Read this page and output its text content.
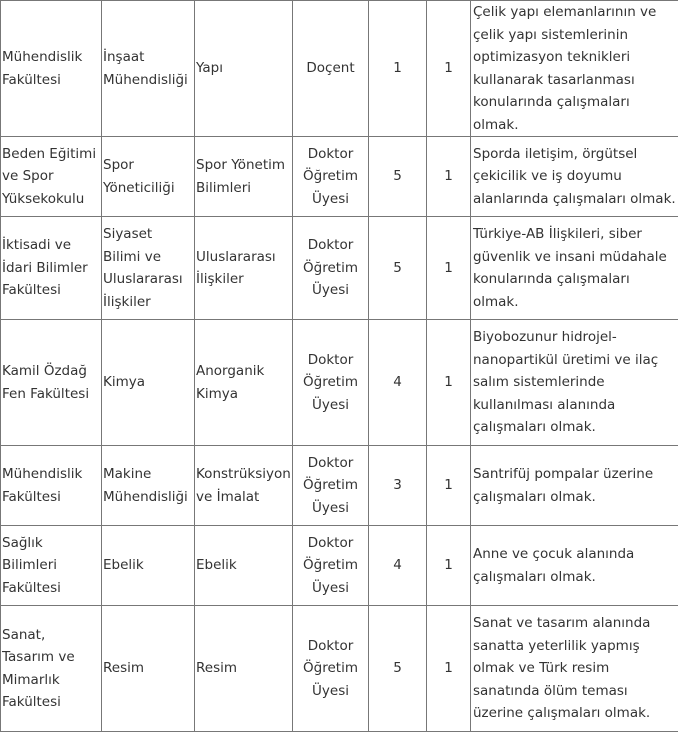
Mühendislik Fakültesi	İnşaat Mühendisliği	Yapı	Doçent	1	1	Çelik yapı elemanlarının ve çelik yapı sistemlerinin optimizasyon teknikleri kullanarak tasarlanması konularında çalışmaları olmak.
Beden Eğitimi ve Spor Yüksekokulu	Spor Yöneticiliği	Spor Yönetim Bilimleri	Doktor Öğretim Üyesi	5	1	Sporda iletişim, örgütsel çekicilik ve iş doyumu alanlarında çalışmaları olmak.
İktisadi ve İdari Bilimler Fakültesi	Siyaset Bilimi ve Uluslararası İlişkiler	Uluslararası İlişkiler	Doktor Öğretim Üyesi	5	1	Türkiye-AB İlişkileri, siber güvenlik ve insani müdahale konularında çalışmaları olmak.
Kamil Özdağ Fen Fakültesi	Kimya	Anorganik Kimya	Doktor Öğretim Üyesi	4	1	Biyobozunur hidrojel-nanopartikül üretimi ve ilaç salım sistemlerinde kullanılması alanında çalışmaları olmak.
Mühendislik Fakültesi	Makine Mühendisliği	Konstrüksiyon ve İmalat	Doktor Öğretim Üyesi	3	1	Santrifüj pompalar üzerine çalışmaları olmak.
Sağlık Bilimleri Fakültesi	Ebelik	Ebelik	Doktor Öğretim Üyesi	4	1	Anne ve çocuk alanında çalışmaları olmak.
Sanat, Tasarım ve Mimarlık Fakültesi	Resim	Resim	Doktor Öğretim Üyesi	5	1	Sanat ve tasarım alanında sanatta yeterlilik yapmış olmak ve Türk resim sanatında ölüm teması üzerine çalışmaları olmak.
